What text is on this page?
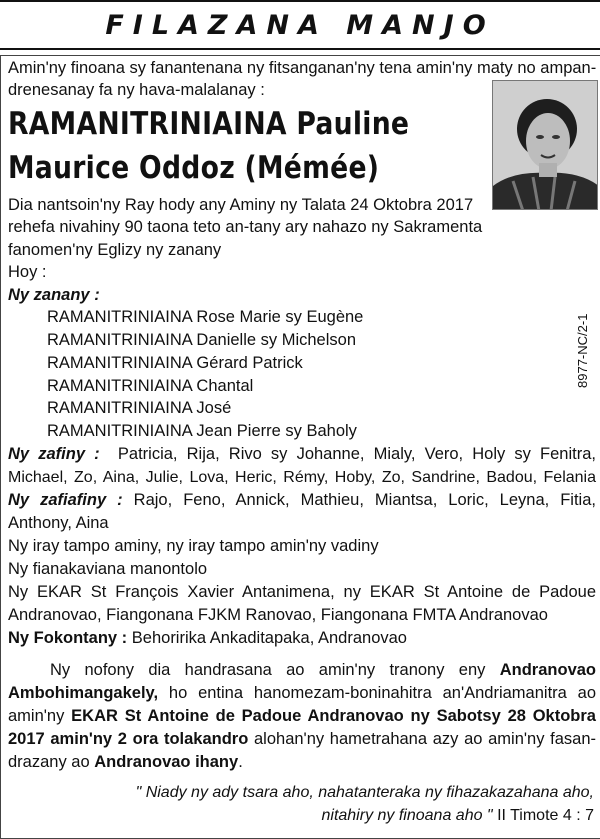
FILAZANA MANJO
Amin'ny finoana sy fanantenana ny fitsanganan'ny tena amin'ny maty no ampan-
drenesanay fa ny hava-malalanay :
RAMANITRINIAINA Pauline
Maurice Oddoz (Mémée)
Dia nantsoin'ny Ray hody any Aminy ny Talata 24 Oktobra 2017
rehefa nivahiny 90 taona teto an-tany ary nahazo ny Sakramenta
fanomen'ny Eglizy ny zanany
Hoy :
Ny zanany :
RAMANITRINIAINA Rose Marie sy Eugène
RAMANITRINIAINA Danielle sy Michelson
RAMANITRINIAINA Gérard Patrick
RAMANITRINIAINA Chantal
RAMANITRINIAINA José
RAMANITRINIAINA Jean Pierre sy Baholy
Ny zafiny : Patricia, Rija, Rivo sy Johanne, Mialy, Vero, Holy sy Fenitra,
Michael, Zo, Aina, Julie, Lova, Heric, Rémy, Hoby, Zo, Sandrine, Badou, Felania
Ny zafiafiny : Rajo, Feno, Annick, Mathieu, Miantsa, Loric, Leyna, Fitia,
Anthony, Aina
Ny iray tampo aminy, ny iray tampo amin'ny vadiny
Ny fianakaviana manontolo
Ny EKAR St François Xavier Antanimena, ny EKAR St Antoine de Padoue
Andranovao, Fiangonana FJKM Ranovao, Fiangonana FMTA Andranovao
Ny Fokontany : Behoririka Ankaditapaka, Andranovao
Ny nofony dia handrasana ao amin'ny tranony eny Andranovao
Ambohimangakely, ho entina hanomezam-boninahitra an'Andriamanitra ao
amin'ny EKAR St Antoine de Padoue Andranovao ny Sabotsy 28 Oktobra
2017 amin'ny 2 ora tolakandro alohan'ny hametrahana azy ao amin'ny fasan-
drazany ao Andranovao ihany.
" Niady ny ady tsara aho, nahatanteraka ny fihazakazahana aho,
nitahiry ny finoana aho " II Timote 4 : 7
8977-NC/2-1
